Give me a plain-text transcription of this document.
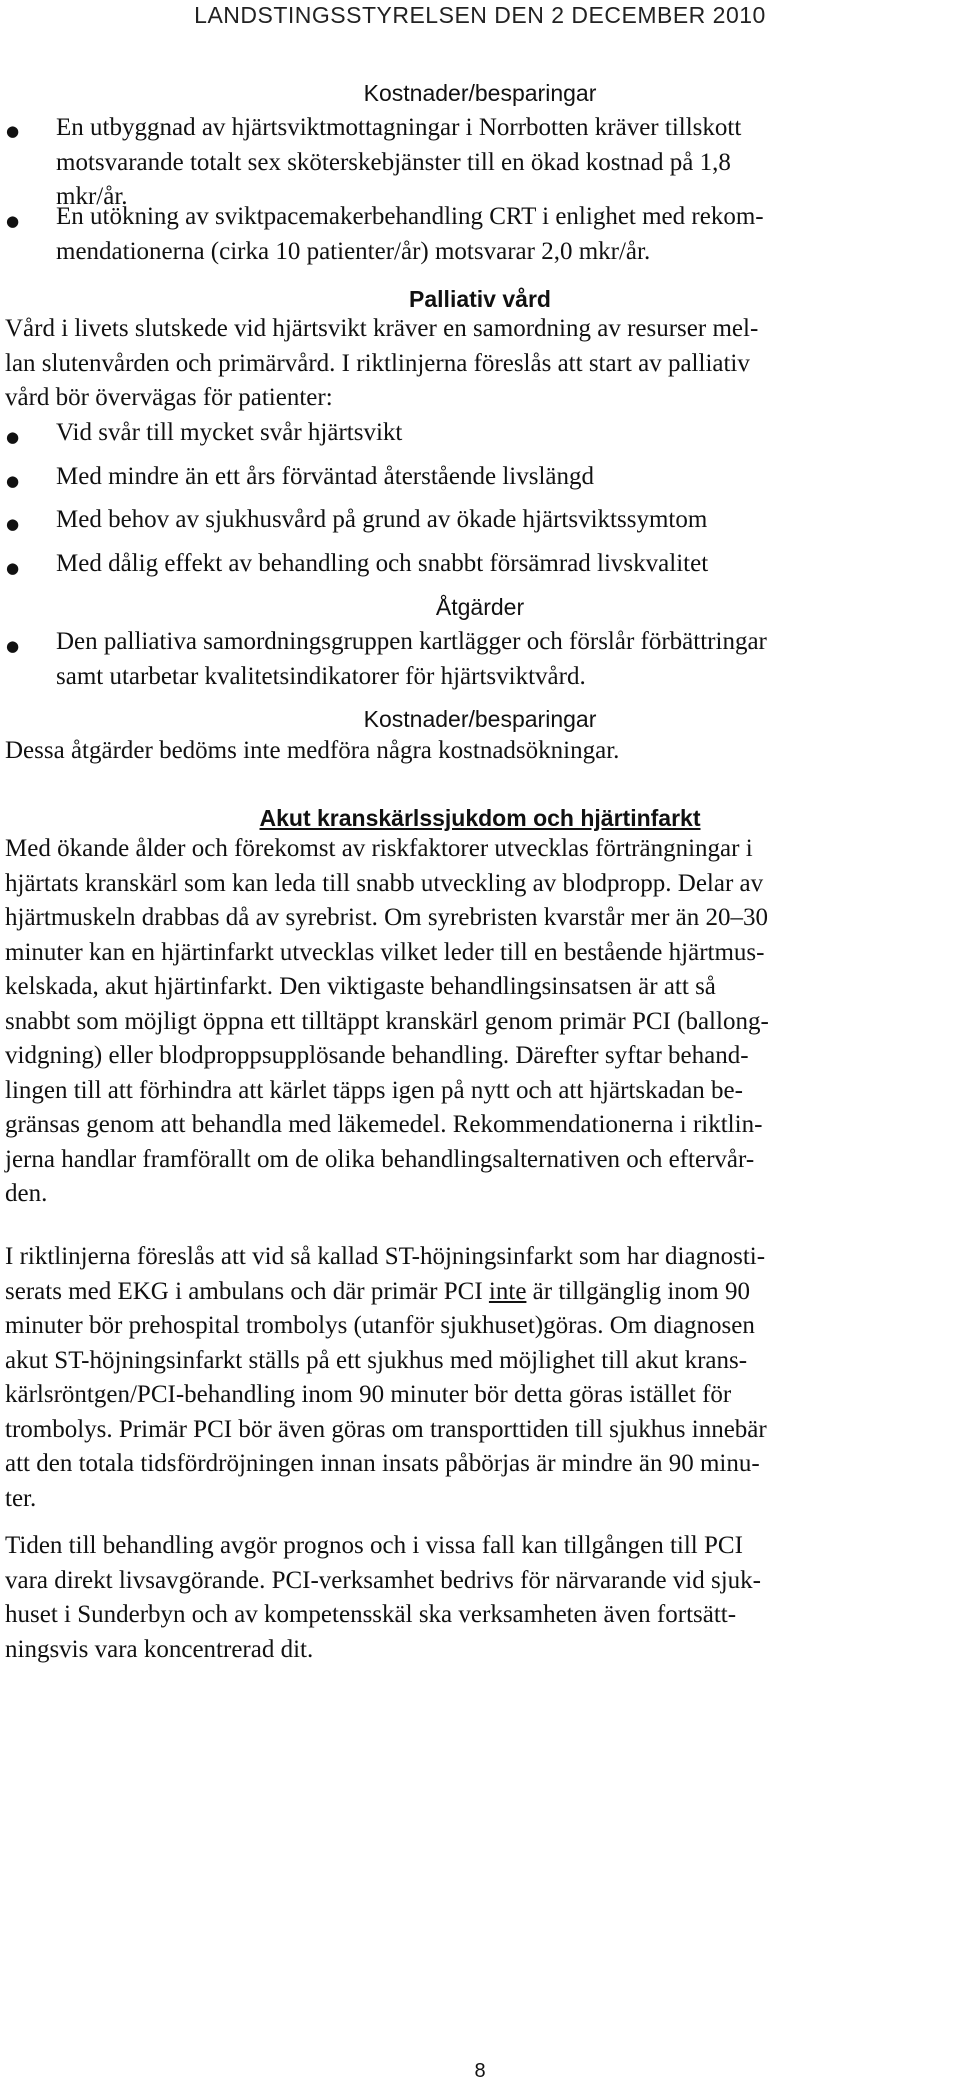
LANDSTINGSSTYRELSEN DEN 2 DECEMBER 2010
Kostnader/besparingar
● En utbyggnad av hjärtsviktmottagningar i Norrbotten kräver tillskott
motsvarande totalt sex sköterskebjänster till en ökad kostnad på 1,8
mkr/år.
● En utökning av sviktpacemakerbehandling CRT i enlighet med rekom-
mendationerna (cirka 10 patienter/år) motsvarar 2,0 mkr/år.
Palliativ vård
Vård i livets slutskede vid hjärtsvikt kräver en samordning av resurser mel-
lan slutenvården och primärvård. I riktlinjerna föreslås att start av palliativ
vård bör övervägas för patienter:
● Vid svår till mycket svår hjärtsvikt
● Med mindre än ett års förväntad återstående livslängd
● Med behov av sjukhusvård på grund av ökade hjärtsviktssymtom
● Med dålig effekt av behandling och snabbt försämrad livskvalitet
Åtgärder
● Den palliativa samordningsgruppen kartlägger och förslår förbättringar
samt utarbetar kvalitetsindikatorer för hjärtsviktvård.
Kostnader/besparingar
Dessa åtgärder bedöms inte medföra några kostnadsökningar.
Akut kranskärlssjukdom och hjärtinfarkt
Med ökande ålder och förekomst av riskfaktorer utvecklas förträngningar i
hjärtats kranskärl som kan leda till snabb utveckling av blodpropp. Delar av
hjärtmuskeln drabbas då av syrebrist. Om syrebristen kvarstår mer än 20–30
minuter kan en hjärtinfarkt utvecklas vilket leder till en bestående hjärtmus-
kelskada, akut hjärtinfarkt. Den viktigaste behandlingsinsatsen är att så
snabbt som möjligt öppna ett tilltäppt kranskärl genom primär PCI (ballong-
vidgning) eller blodproppsupplösande behandling. Därefter syftar behand-
lingen till att förhindra att kärlet täpps igen på nytt och att hjärtskadan be-
gränsas genom att behandla med läkemedel. Rekommendationerna i riktlin-
jerna handlar framförallt om de olika behandlingsalternativen och eftervår-
den.
I riktlinjerna föreslås att vid så kallad ST-höjningsinfarkt som har diagnosti-
serats med EKG i ambulans och där primär PCI inte är tillgänglig inom 90
minuter bör prehospital trombolys (utanför sjukhuset)göras. Om diagnosen
akut ST-höjningsinfarkt ställs på ett sjukhus med möjlighet till akut krans-
kärlsröntgen/PCI-behandling inom 90 minuter bör detta göras istället för
trombolys. Primär PCI bör även göras om transporttiden till sjukhus innebär
att den totala tidsfördröjningen innan insats påbörjas är mindre än 90 minu-
ter.
Tiden till behandling avgör prognos och i vissa fall kan tillgången till PCI
vara direkt livsavgörande. PCI-verksamhet bedrivs för närvarande vid sjuk-
huset i Sunderbyn och av kompetensskäl ska verksamheten även fortsätt-
ningsvis vara koncentrerad dit.
8
